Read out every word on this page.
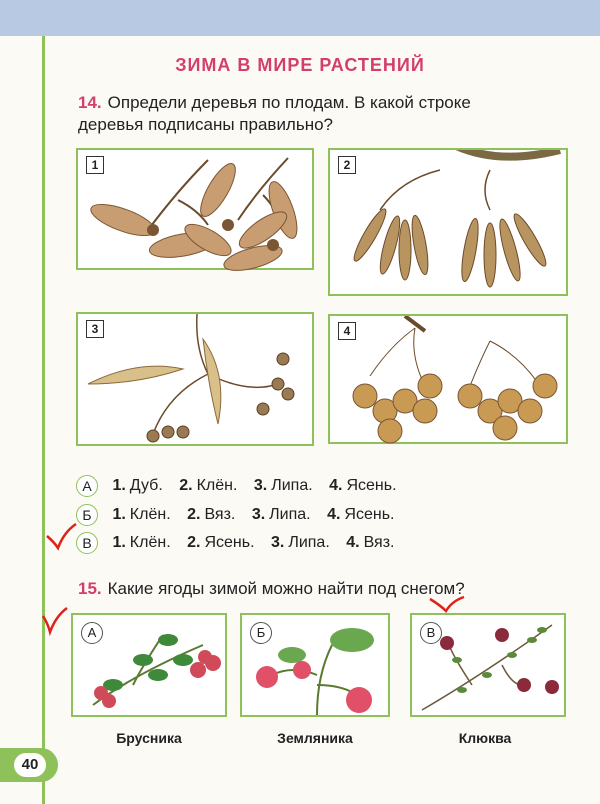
ЗИМА В МИРЕ РАСТЕНИЙ
14. Определи деревья по плодам. В какой строке
деревья подписаны правильно?
1	2
3	4
А 1. Дуб. 2. Клён. 3. Липа. 4. Ясень.
Б 1. Клён. 2. Вяз. 3. Липа. 4. Ясень.
В 1. Клён. 2. Ясень. 3. Липа. 4. Вяз.
15. Какие ягоды зимой можно найти под снегом?
А	Б	В
Брусника	Земляника	Клюква
40
